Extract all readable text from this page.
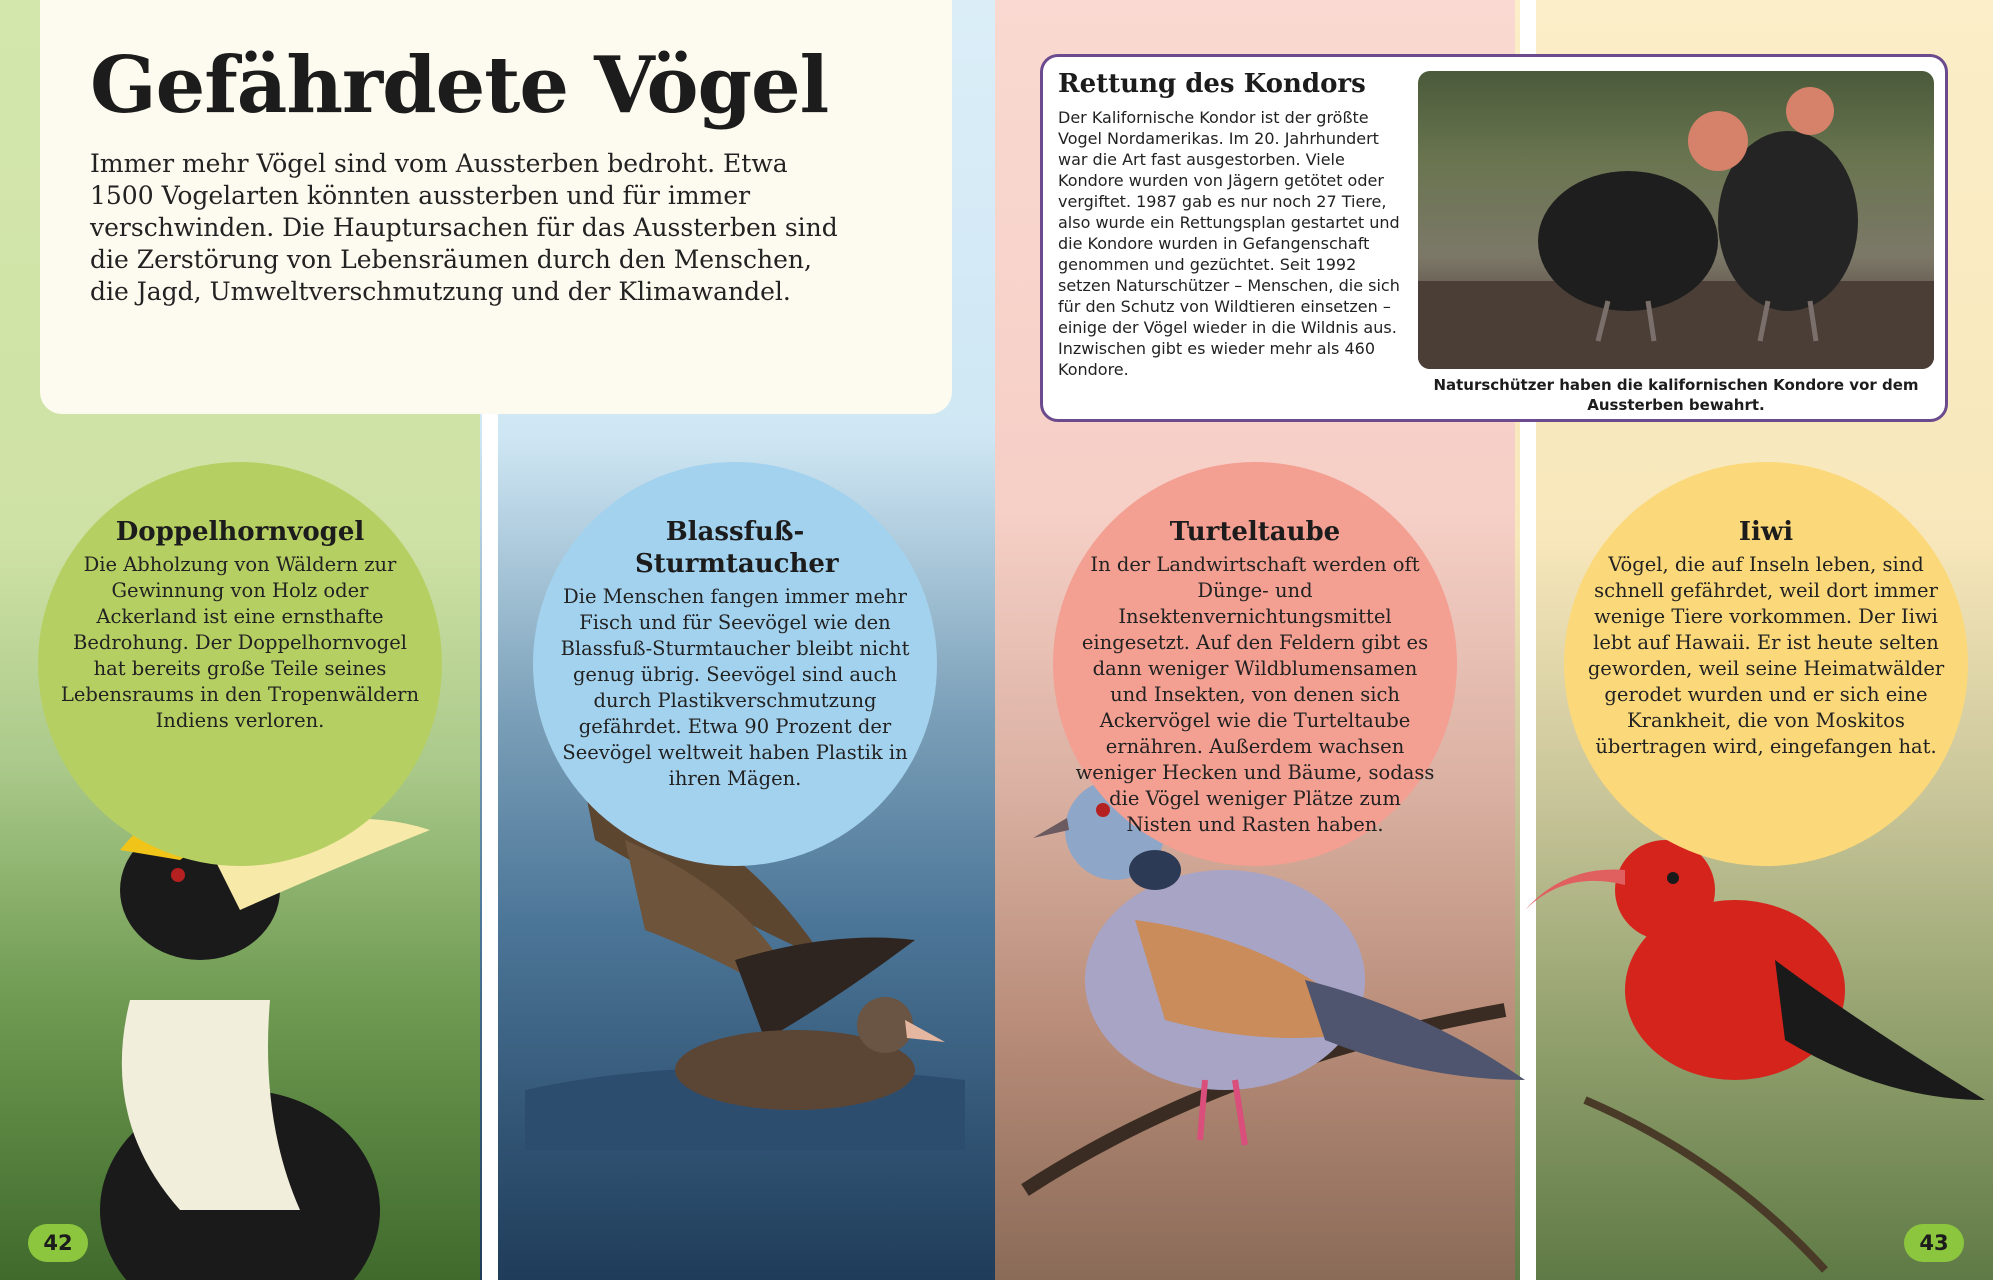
Gefährdete Vögel
Immer mehr Vögel sind vom Aussterben bedroht. Etwa 1500 Vogelarten könnten aussterben und für immer verschwinden. Die Hauptursachen für das Aussterben sind die Zerstörung von Lebensräumen durch den Menschen, die Jagd, Umweltverschmutzung und der Klimawandel.
Rettung des Kondors
Der Kalifornische Kondor ist der größte Vogel Nordamerikas. Im 20. Jahrhundert war die Art fast ausgestorben. Viele Kondore wurden von Jägern getötet oder vergiftet. 1987 gab es nur noch 27 Tiere, also wurde ein Rettungsplan gestartet und die Kondore wurden in Gefangenschaft genommen und gezüchtet. Seit 1992 setzen Naturschützer – Menschen, die sich für den Schutz von Wildtieren einsetzen – einige der Vögel wieder in die Wildnis aus. Inzwischen gibt es wieder mehr als 460 Kondore.
Naturschützer haben die kalifornischen Kondore vor dem Aussterben bewahrt.

Doppelhornvogel

Die Abholzung von Wäldern zur Gewinnung von Holz oder Ackerland ist eine ernsthafte Bedrohung. Der Doppelhornvogel hat bereits große Teile seines Lebensraums in den Tropenwäldern Indiens verloren.

Blassfuß-Sturmtaucher

Die Menschen fangen immer mehr Fisch und für Seevögel wie den Blassfuß-Sturmtaucher bleibt nicht genug übrig. Seevögel sind auch durch Plastikverschmutzung gefährdet. Etwa 90 Prozent der Seevögel weltweit haben Plastik in ihren Mägen.

Turteltaube

In der Landwirtschaft werden oft Dünge- und Insektenvernichtungsmittel eingesetzt. Auf den Feldern gibt es dann weniger Wildblumensamen und Insekten, von denen sich Ackervögel wie die Turteltaube ernähren. Außerdem wachsen weniger Hecken und Bäume, sodass die Vögel weniger Plätze zum Nisten und Rasten haben.

Iiwi

Vögel, die auf Inseln leben, sind schnell gefährdet, weil dort immer wenige Tiere vorkommen. Der Iiwi lebt auf Hawaii. Er ist heute selten geworden, weil seine Heimatwälder gerodet wurden und er sich eine Krankheit, die von Moskitos übertragen wird, eingefangen hat.
42	43
